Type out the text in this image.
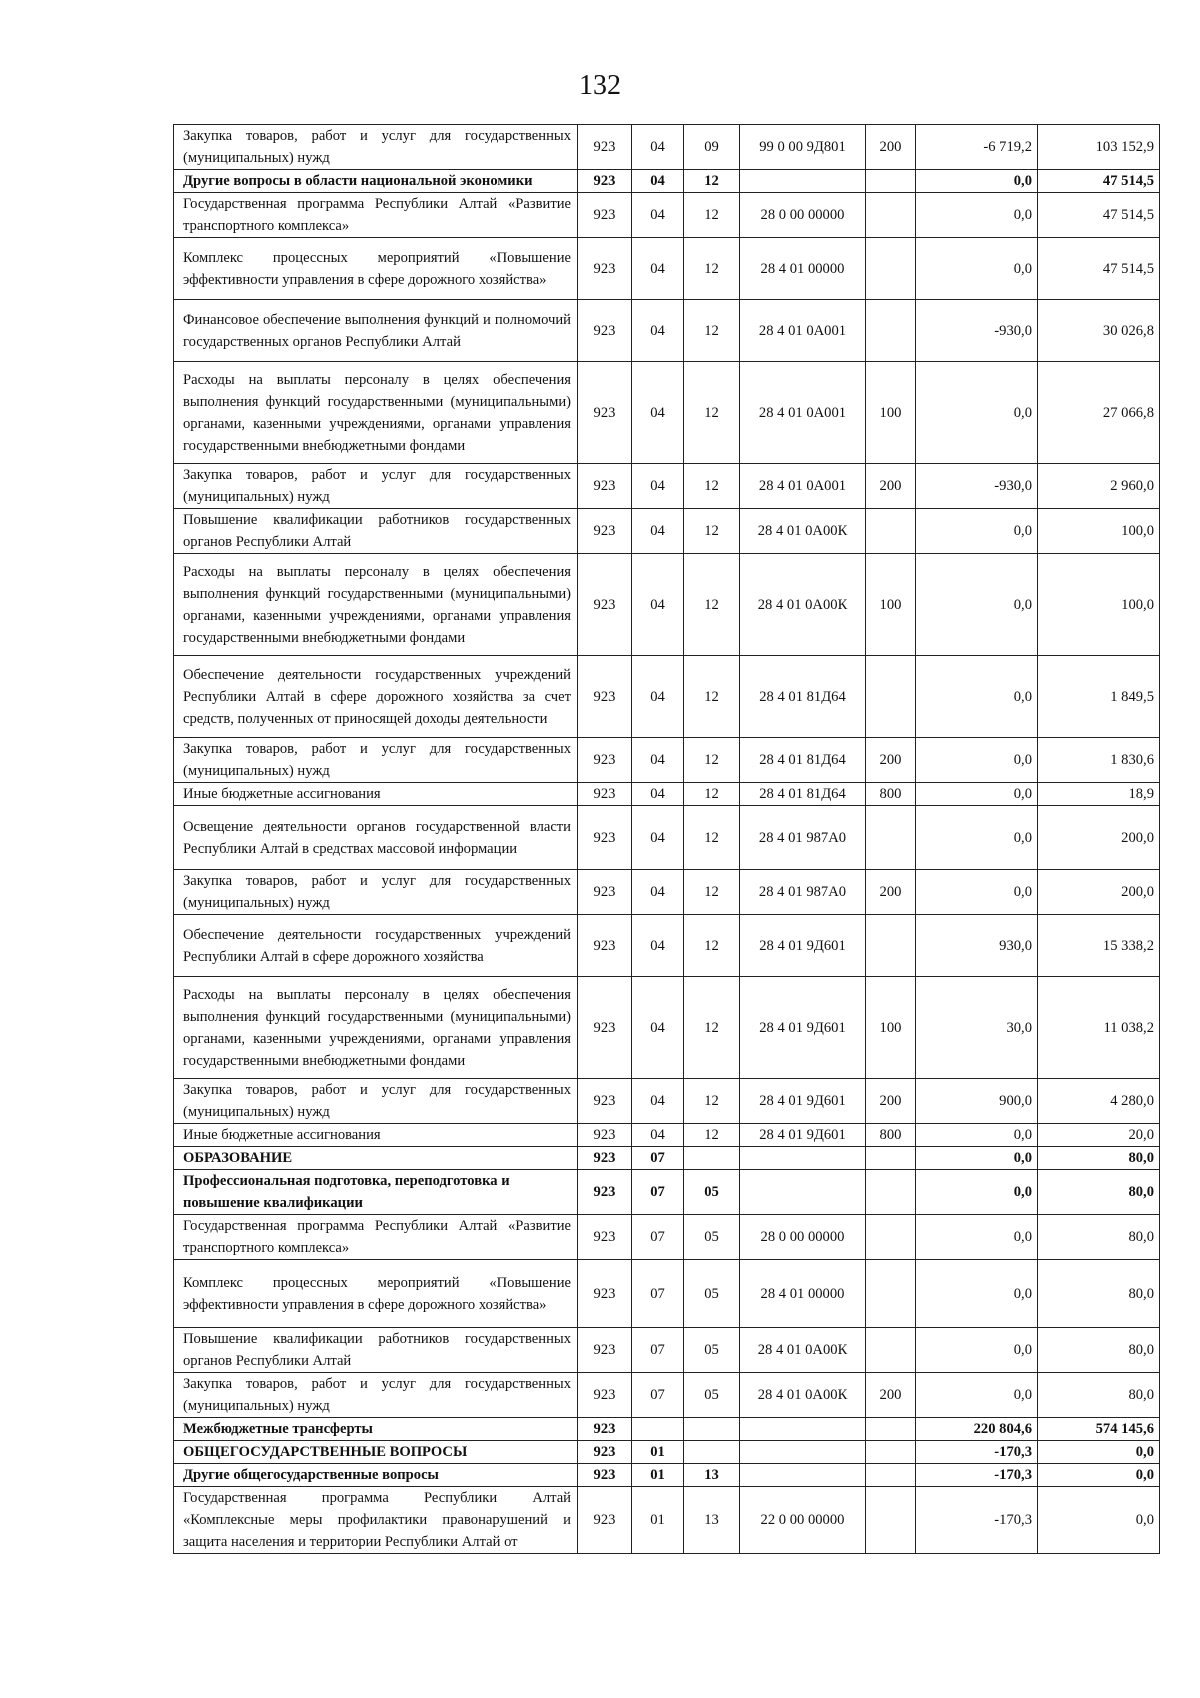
132
Закупка товаров, работ и услуг для государственных (муниципальных) нужд	923	04	09	99 0 00 9Д801	200	-6 719,2	103 152,9
Другие вопросы в области национальной экономики	923	04	12			0,0	47 514,5
Государственная программа Республики Алтай «Развитие транспортного комплекса»	923	04	12	28 0 00 00000		0,0	47 514,5
Комплекс процессных мероприятий «Повышение эффективности управления в сфере дорожного хозяйства»	923	04	12	28 4 01 00000		0,0	47 514,5
Финансовое обеспечение выполнения функций и полномочий государственных органов Республики Алтай	923	04	12	28 4 01 0А001		-930,0	30 026,8
Расходы на выплаты персоналу в целях обеспечения выполнения функций государственными (муниципальными) органами, казенными учреждениями, органами управления государственными внебюджетными фондами	923	04	12	28 4 01 0А001	100	0,0	27 066,8
Закупка товаров, работ и услуг для государственных (муниципальных) нужд	923	04	12	28 4 01 0А001	200	-930,0	2 960,0
Повышение квалификации работников государственных органов Республики Алтай	923	04	12	28 4 01 0А00К		0,0	100,0
Расходы на выплаты персоналу в целях обеспечения выполнения функций государственными (муниципальными) органами, казенными учреждениями, органами управления государственными внебюджетными фондами	923	04	12	28 4 01 0А00К	100	0,0	100,0
Обеспечение деятельности государственных учреждений Республики Алтай в сфере дорожного хозяйства за счет средств, полученных от приносящей доходы деятельности	923	04	12	28 4 01 81Д64		0,0	1 849,5
Закупка товаров, работ и услуг для государственных (муниципальных) нужд	923	04	12	28 4 01 81Д64	200	0,0	1 830,6
Иные бюджетные ассигнования	923	04	12	28 4 01 81Д64	800	0,0	18,9
Освещение деятельности органов государственной власти Республики Алтай в средствах массовой информации	923	04	12	28 4 01 987А0		0,0	200,0
Закупка товаров, работ и услуг для государственных (муниципальных) нужд	923	04	12	28 4 01 987А0	200	0,0	200,0
Обеспечение деятельности государственных учреждений Республики Алтай в сфере дорожного хозяйства	923	04	12	28 4 01 9Д601		930,0	15 338,2
Расходы на выплаты персоналу в целях обеспечения выполнения функций государственными (муниципальными) органами, казенными учреждениями, органами управления государственными внебюджетными фондами	923	04	12	28 4 01 9Д601	100	30,0	11 038,2
Закупка товаров, работ и услуг для государственных (муниципальных) нужд	923	04	12	28 4 01 9Д601	200	900,0	4 280,0
Иные бюджетные ассигнования	923	04	12	28 4 01 9Д601	800	0,0	20,0
ОБРАЗОВАНИЕ	923	07				0,0	80,0
Профессиональная подготовка, переподготовка и повышение квалификации	923	07	05			0,0	80,0
Государственная программа Республики Алтай «Развитие транспортного комплекса»	923	07	05	28 0 00 00000		0,0	80,0
Комплекс процессных мероприятий «Повышение эффективности управления в сфере дорожного хозяйства»	923	07	05	28 4 01 00000		0,0	80,0
Повышение квалификации работников государственных органов Республики Алтай	923	07	05	28 4 01 0А00К		0,0	80,0
Закупка товаров, работ и услуг для государственных (муниципальных) нужд	923	07	05	28 4 01 0А00К	200	0,0	80,0
Межбюджетные трансферты	923					220 804,6	574 145,6
ОБЩЕГОСУДАРСТВЕННЫЕ ВОПРОСЫ	923	01				-170,3	0,0
Другие общегосударственные вопросы	923	01	13			-170,3	0,0
Государственная программа Республики Алтай «Комплексные меры профилактики правонарушений и защита населения и территории Республики Алтай от	923	01	13	22 0 00 00000		-170,3	0,0
